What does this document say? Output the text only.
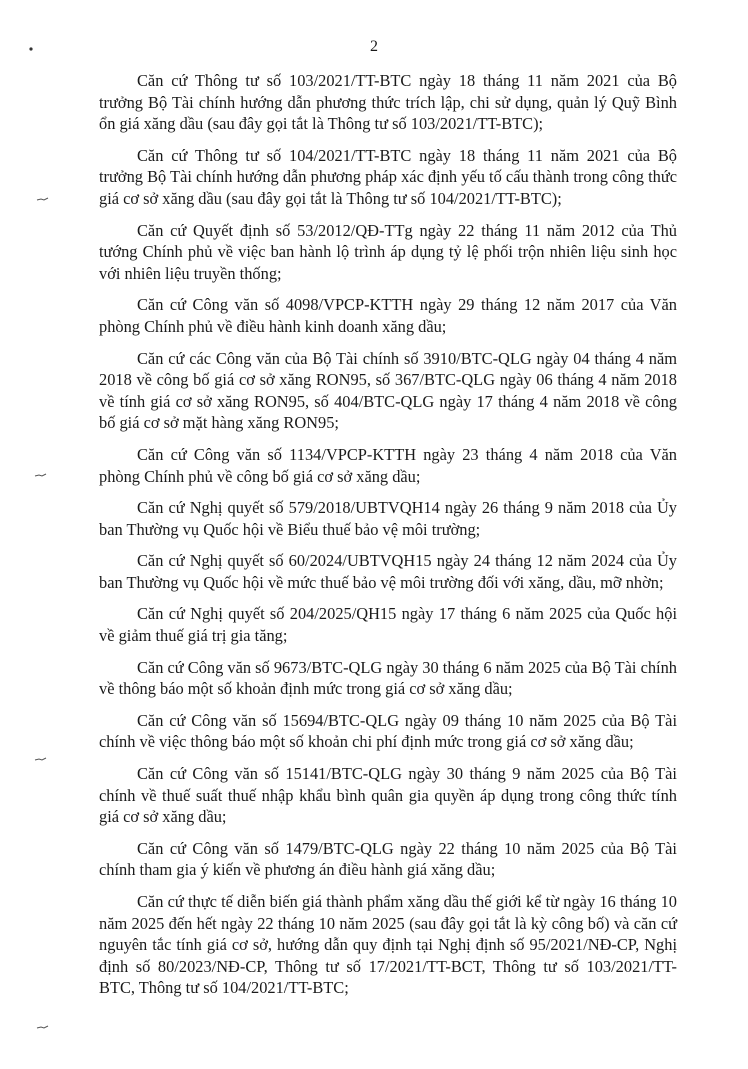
2

Căn cứ Thông tư số 103/2021/TT-BTC ngày 18 tháng 11 năm 2021 của Bộ trưởng Bộ Tài chính hướng dẫn phương thức trích lập, chi sử dụng, quản lý Quỹ Bình ổn giá xăng dầu (sau đây gọi tắt là Thông tư số 103/2021/TT-BTC);

Căn cứ Thông tư số 104/2021/TT-BTC ngày 18 tháng 11 năm 2021 của Bộ trưởng Bộ Tài chính hướng dẫn phương pháp xác định yếu tố cấu thành trong công thức giá cơ sở xăng dầu (sau đây gọi tắt là Thông tư số 104/2021/TT-BTC);

Căn cứ Quyết định số 53/2012/QĐ-TTg ngày 22 tháng 11 năm 2012 của Thủ tướng Chính phủ về việc ban hành lộ trình áp dụng tỷ lệ phối trộn nhiên liệu sinh học với nhiên liệu truyền thống;

Căn cứ Công văn số 4098/VPCP-KTTH ngày 29 tháng 12 năm 2017 của Văn phòng Chính phủ về điều hành kinh doanh xăng dầu;

Căn cứ các Công văn của Bộ Tài chính số 3910/BTC-QLG ngày 04 tháng 4 năm 2018 về công bố giá cơ sở xăng RON95, số 367/BTC-QLG ngày 06 tháng 4 năm 2018 về tính giá cơ sở xăng RON95, số 404/BTC-QLG ngày 17 tháng 4 năm 2018 về công bố giá cơ sở mặt hàng xăng RON95;

Căn cứ Công văn số 1134/VPCP-KTTH ngày 23 tháng 4 năm 2018 của Văn phòng Chính phủ về công bố giá cơ sở xăng dầu;

Căn cứ Nghị quyết số 579/2018/UBTVQH14 ngày 26 tháng 9 năm 2018 của Ủy ban Thường vụ Quốc hội về Biểu thuế bảo vệ môi trường;

Căn cứ Nghị quyết số 60/2024/UBTVQH15 ngày 24 tháng 12 năm 2024 của Ủy ban Thường vụ Quốc hội về mức thuế bảo vệ môi trường đối với xăng, dầu, mỡ nhờn;

Căn cứ Nghị quyết số 204/2025/QH15 ngày 17 tháng 6 năm 2025 của Quốc hội về giảm thuế giá trị gia tăng;

Căn cứ Công văn số 9673/BTC-QLG ngày 30 tháng 6 năm 2025 của Bộ Tài chính về thông báo một số khoản định mức trong giá cơ sở xăng dầu;

Căn cứ Công văn số 15694/BTC-QLG ngày 09 tháng 10 năm 2025 của Bộ Tài chính về việc thông báo một số khoản chi phí định mức trong giá cơ sở xăng dầu;

Căn cứ Công văn số 15141/BTC-QLG ngày 30 tháng 9 năm 2025 của Bộ Tài chính về thuế suất thuế nhập khẩu bình quân gia quyền áp dụng trong công thức tính giá cơ sở xăng dầu;

Căn cứ Công văn số 1479/BTC-QLG ngày 22 tháng 10 năm 2025 của Bộ Tài chính tham gia ý kiến về phương án điều hành giá xăng dầu;

Căn cứ thực tế diễn biến giá thành phẩm xăng dầu thế giới kể từ ngày 16 tháng 10 năm 2025 đến hết ngày 22 tháng 10 năm 2025 (sau đây gọi tắt là kỳ công bố) và căn cứ nguyên tắc tính giá cơ sở, hướng dẫn quy định tại Nghị định số 95/2021/NĐ-CP, Nghị định số 80/2023/NĐ-CP, Thông tư số 17/2021/TT-BCT, Thông tư số 103/2021/TT-BTC, Thông tư số 104/2021/TT-BTC;
